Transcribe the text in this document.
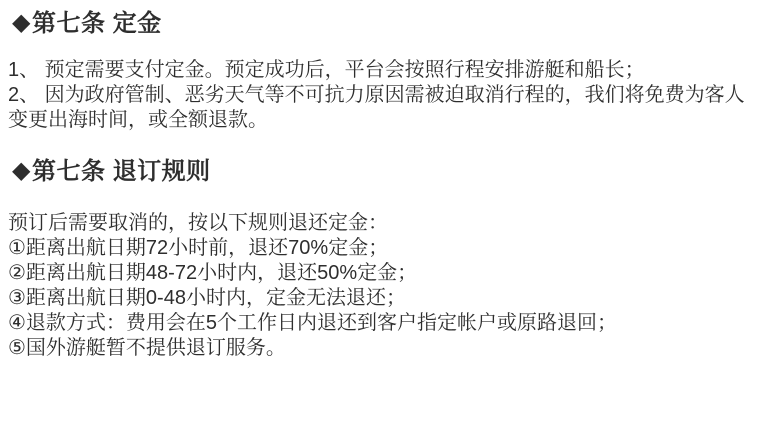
◆第七条 定金
1、 预定需要支付定金。预定成功后，平台会按照行程安排游艇和船长；
2、 因为政府管制、恶劣天气等不可抗力原因需被迫取消行程的，我们将免费为客人
变更出海时间，或全额退款。
◆第七条 退订规则
预订后需要取消的，按以下规则退还定金：
①距离出航日期72小时前，退还70%定金；
②距离出航日期48-72小时内，退还50%定金；
③距离出航日期0-48小时内，定金无法退还；
④退款方式：费用会在5个工作日内退还到客户指定帐户或原路退回；
⑤国外游艇暂不提供退订服务。
